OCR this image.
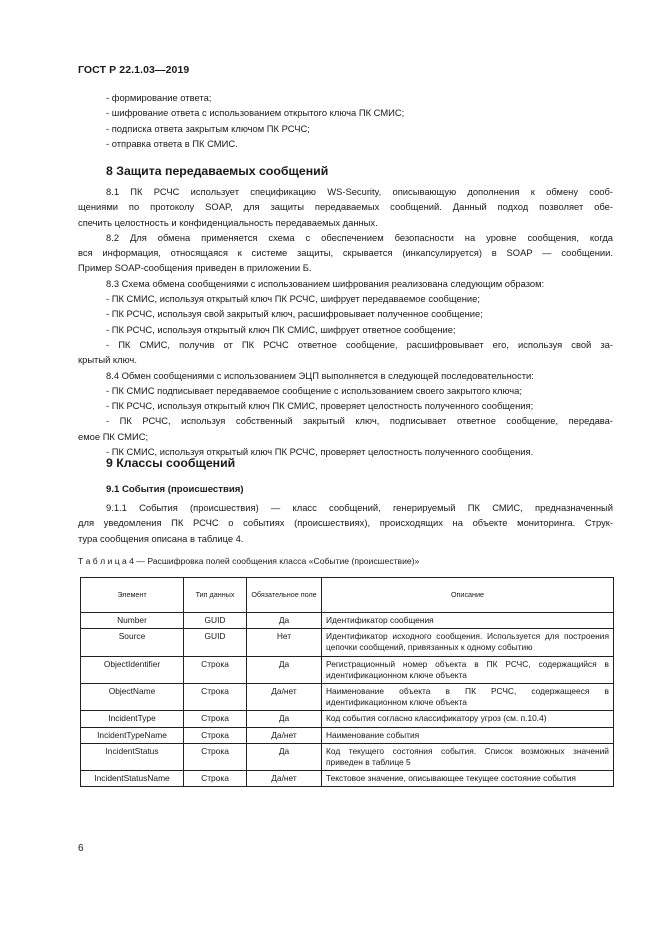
ГОСТ Р 22.1.03—2019
- формирование ответа;
- шифрование ответа с использованием открытого ключа ПК СМИС;
- подписка ответа закрытым ключом ПК РСЧС;
- отправка ответа в ПК СМИС.
8 Защита передаваемых сообщений
8.1 ПК РСЧС использует спецификацию WS-Security, описывающую дополнения к обмену сооб-
щениями по протоколу SOAP, для защиты передаваемых сообщений. Данный подход позволяет обе-
спечить целостность и конфиденциальность передаваемых данных.
8.2 Для обмена применяется схема с обеспечением безопасности на уровне сообщения, когда
вся информация, относящаяся к системе защиты, скрывается (инкапсулируется) в SOAP — сообщении.
Пример SOAP-сообщения приведен в приложении Б.
8.3 Схема обмена сообщениями с использованием шифрования реализована следующим образом:
- ПК СМИС, используя открытый ключ ПК РСЧС, шифрует передаваемое сообщение;
- ПК РСЧС, используя свой закрытый ключ, расшифровывает полученное сообщение;
- ПК РСЧС, используя открытый ключ ПК СМИС, шифрует ответное сообщение;
- ПК СМИС, получив от ПК РСЧС ответное сообщение, расшифровывает его, используя свой за-
крытый ключ.
8.4 Обмен сообщениями с использованием ЭЦП выполняется в следующей последовательности:
- ПК СМИС подписывает передаваемое сообщение с использованием своего закрытого ключа;
- ПК РСЧС, используя открытый ключ ПК СМИС, проверяет целостность полученного сообщения;
- ПК РСЧС, используя собственный закрытый ключ, подписывает ответное сообщение, передава-
емое ПК СМИС;
- ПК СМИС, используя открытый ключ ПК РСЧС, проверяет целостность полученного сообщения.
9 Классы сообщений
9.1 События (происшествия)
9.1.1 События (происшествия) — класс сообщений, генерируемый ПК СМИС, предназначенный
для уведомления ПК РСЧС о событиях (происшествиях), происходящих на объекте мониторинга. Струк-
тура сообщения описана в таблице 4.
Т а б л и ц а 4 — Расшифровка полей сообщения класса «Событие (происшествие)»
Элемент	Тип данных	Обязательное поле	Описание
Number	GUID	Да	Идентификатор сообщения
Source	GUID	Нет	Идентификатор исходного сообщения. Используется для построения цепочки сообщений, привязанных к одному событию
ObjectIdentifier	Строка	Да	Регистрационный номер объекта в ПК РСЧС, содержащийся в идентификационном ключе объекта
ObjectName	Строка	Да/нет	Наименование объекта в ПК РСЧС, содержащееся в идентификационном ключе объекта
IncidentType	Строка	Да	Код события согласно классификатору угроз (см. п.10.4)
IncidentTypeName	Строка	Да/нет	Наименование события
IncidentStatus	Строка	Да	Код текущего состояния события. Список возможных значений приведен в таблице 5
IncidentStatusName	Строка	Да/нет	Текстовое значение, описывающее текущее состояние события
6
